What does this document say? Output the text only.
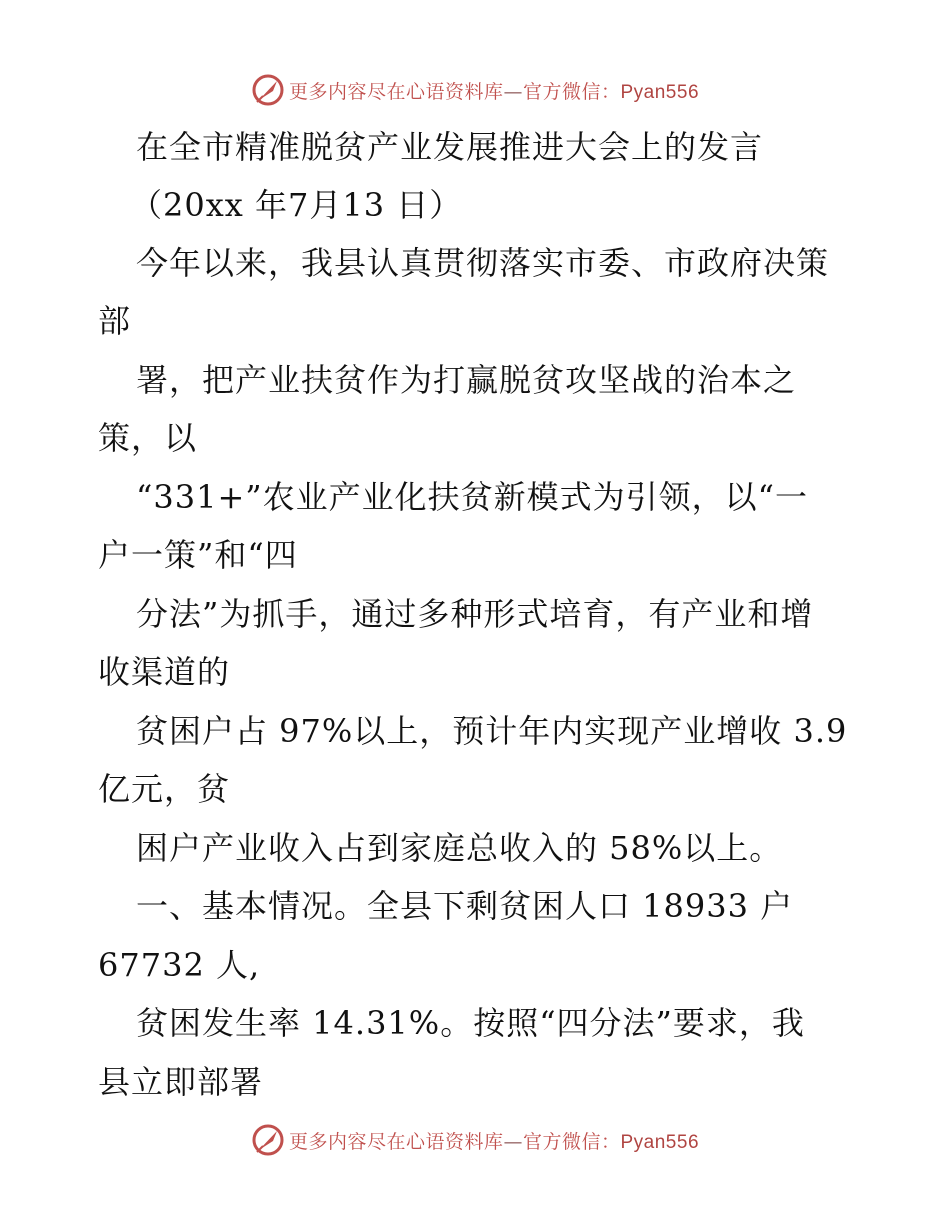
更多内容尽在心语资料库—官方微信：Pyan556
在全市精准脱贫产业发展推进大会上的发言
（20xx 年7月13 日）
今年以来，我县认真贯彻落实市委、市政府决策
部
署，把产业扶贫作为打赢脱贫攻坚战的治本之
策，以
“331+”农业产业化扶贫新模式为引领，以“一
户一策”和“四
分法”为抓手，通过多种形式培育，有产业和增
收渠道的
贫困户占 97%以上，预计年内实现产业增收 3.9
亿元，贫
困户产业收入占到家庭总收入的 58%以上。
一、基本情况。全县下剩贫困人口 18933 户
67732 人,
贫困发生率 14.31%。按照“四分法”要求，我
县立即部署
更多内容尽在心语资料库—官方微信：Pyan556
